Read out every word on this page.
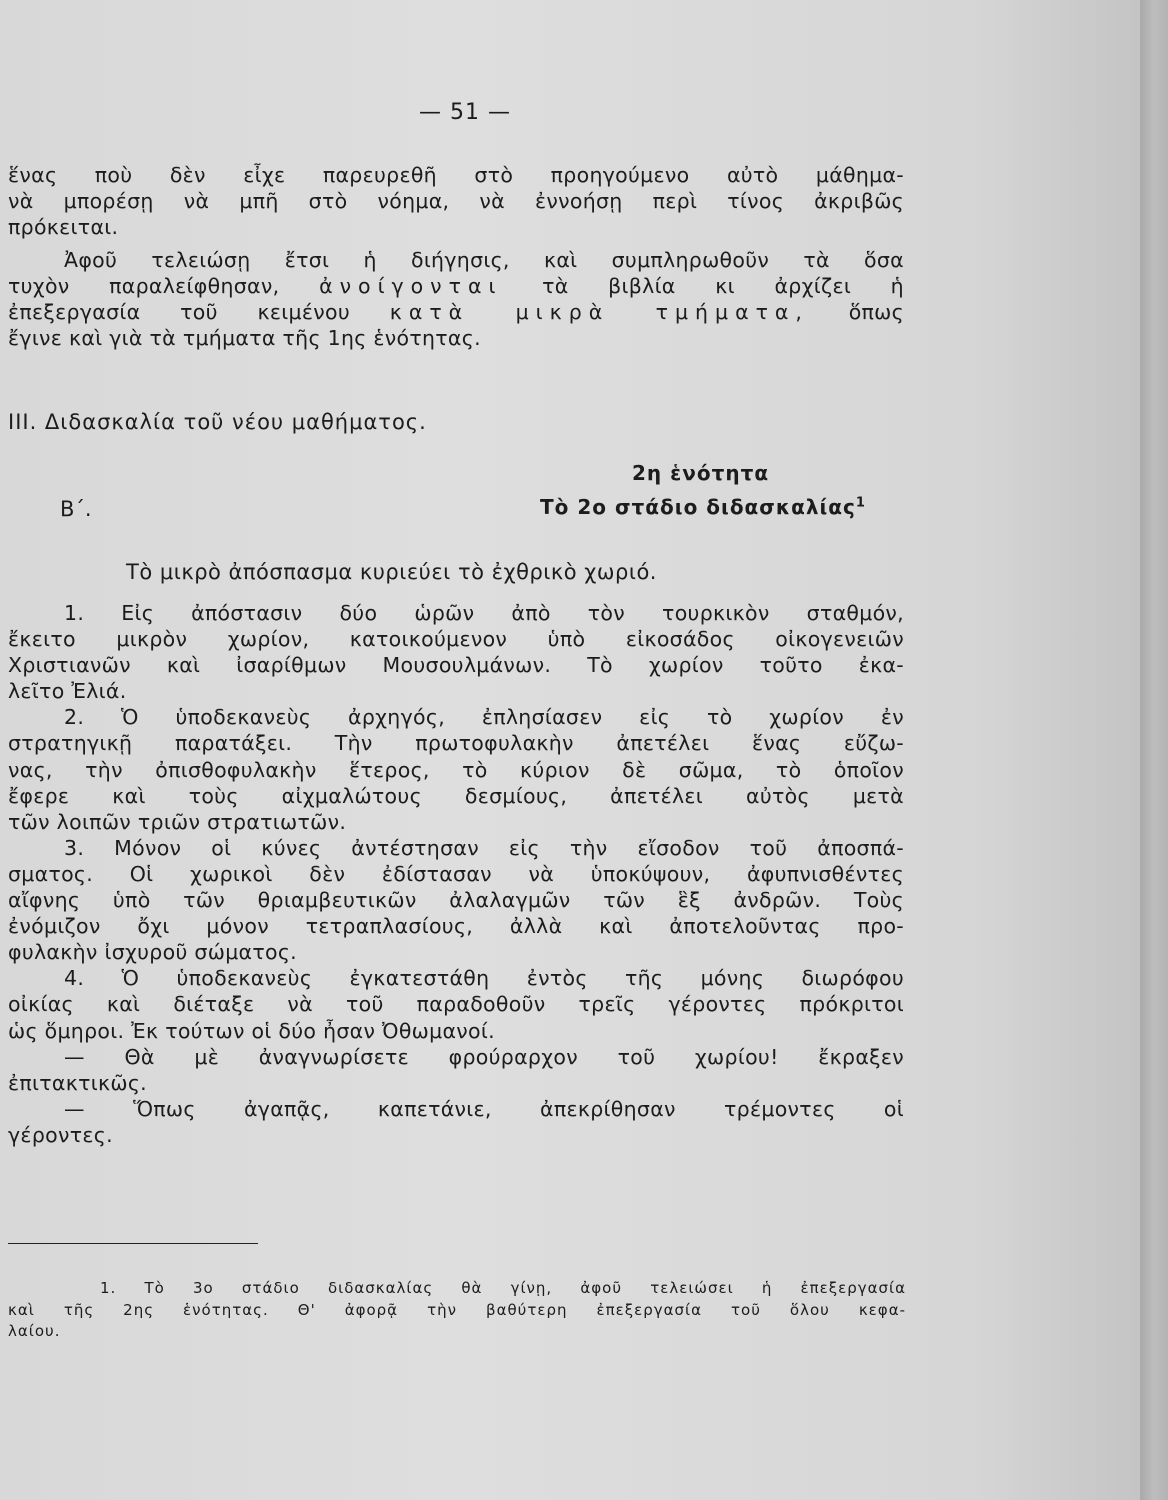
— 51 —
ἕνας ποὺ δὲν εἶχε παρευρεθῆ στὸ προηγούμενο αὐτὸ μάθημα-
νὰ μπορέσῃ νὰ μπῆ στὸ νόημα, νὰ ἐννοήσῃ περὶ τίνος ἀκριβῶς
πρόκειται.
Ἀφοῦ τελειώσῃ ἔτσι ἡ διήγησις, καὶ συμπληρωθοῦν τὰ ὅσα
τυχὸν παραλείφθησαν, ἀνοίγονται τὰ βιβλία κι ἀρχίζει ἡ
ἐπεξεργασία τοῦ κειμένου κατὰ μικρὰ τμήματα, ὅπως
ἔγινε καὶ γιὰ τὰ τμήματα τῆς 1ης ἑνότητας.
III. Διδασκαλία τοῦ νέου μαθήματος.
2η ἑνότητα
Β΄.	Τὸ 2ο στάδιο διδασκαλίας$^1$
Τὸ μικρὸ ἀπόσπασμα κυριεύει τὸ ἐχθρικὸ χωριό.
1. Εἰς ἀπόστασιν δύο ὡρῶν ἀπὸ τὸν τουρκικὸν σταθμόν,
ἔκειτο μικρὸν χωρίον, κατοικούμενον ὑπὸ εἰκοσάδος οἰκογενειῶν
Χριστιανῶν καὶ ἰσαρίθμων Μουσουλμάνων. Τὸ χωρίον τοῦτο ἐκα-
λεῖτο Ἐλιά.
2. Ὁ ὑποδεκανεὺς ἀρχηγός, ἐπλησίασεν εἰς τὸ χωρίον ἐν
στρατηγικῇ παρατάξει. Τὴν πρωτοφυλακὴν ἀπετέλει ἕνας εὔζω-
νας, τὴν ὀπισθοφυλακὴν ἕτερος, τὸ κύριον δὲ σῶμα, τὸ ὁποῖον
ἔφερε καὶ τοὺς αἰχμαλώτους δεσμίους, ἀπετέλει αὐτὸς μετὰ
τῶν λοιπῶν τριῶν στρατιωτῶν.
3. Μόνον οἱ κύνες ἀντέστησαν εἰς τὴν εἴσοδον τοῦ ἀποσπά-
σματος. Οἱ χωρικοὶ δὲν ἐδίστασαν νὰ ὑποκύψουν, ἀφυπνισθέντες
αἴφνης ὑπὸ τῶν θριαμβευτικῶν ἀλαλαγμῶν τῶν ἓξ ἀνδρῶν. Τοὺς
ἐνόμιζον ὄχι μόνον τετραπλασίους, ἀλλὰ καὶ ἀποτελοῦντας προ-
φυλακὴν ἰσχυροῦ σώματος.
4. Ὁ ὑποδεκανεὺς ἐγκατεστάθη ἐντὸς τῆς μόνης διωρόφου
οἰκίας καὶ διέταξε νὰ τοῦ παραδοθοῦν τρεῖς γέροντες πρόκριτοι
ὡς ὅμηροι. Ἐκ τούτων οἱ δύο ἦσαν Ὀθωμανοί.
— Θὰ μὲ ἀναγνωρίσετε φρούραρχον τοῦ χωρίου! ἔκραξεν
ἐπιτακτικῶς.
— Ὅπως ἀγαπᾷς, καπετάνιε, ἀπεκρίθησαν τρέμοντες οἱ
γέροντες.
1. Τὸ 3ο στάδιο διδασκαλίας θὰ γίνῃ, ἀφοῦ τελειώσει ἡ ἐπεξεργασία
καὶ τῆς 2ης ἑνότητας. Θ' ἀφορᾷ τὴν βαθύτερη ἐπεξεργασία τοῦ ὅλου κεφα-
λαίου.
